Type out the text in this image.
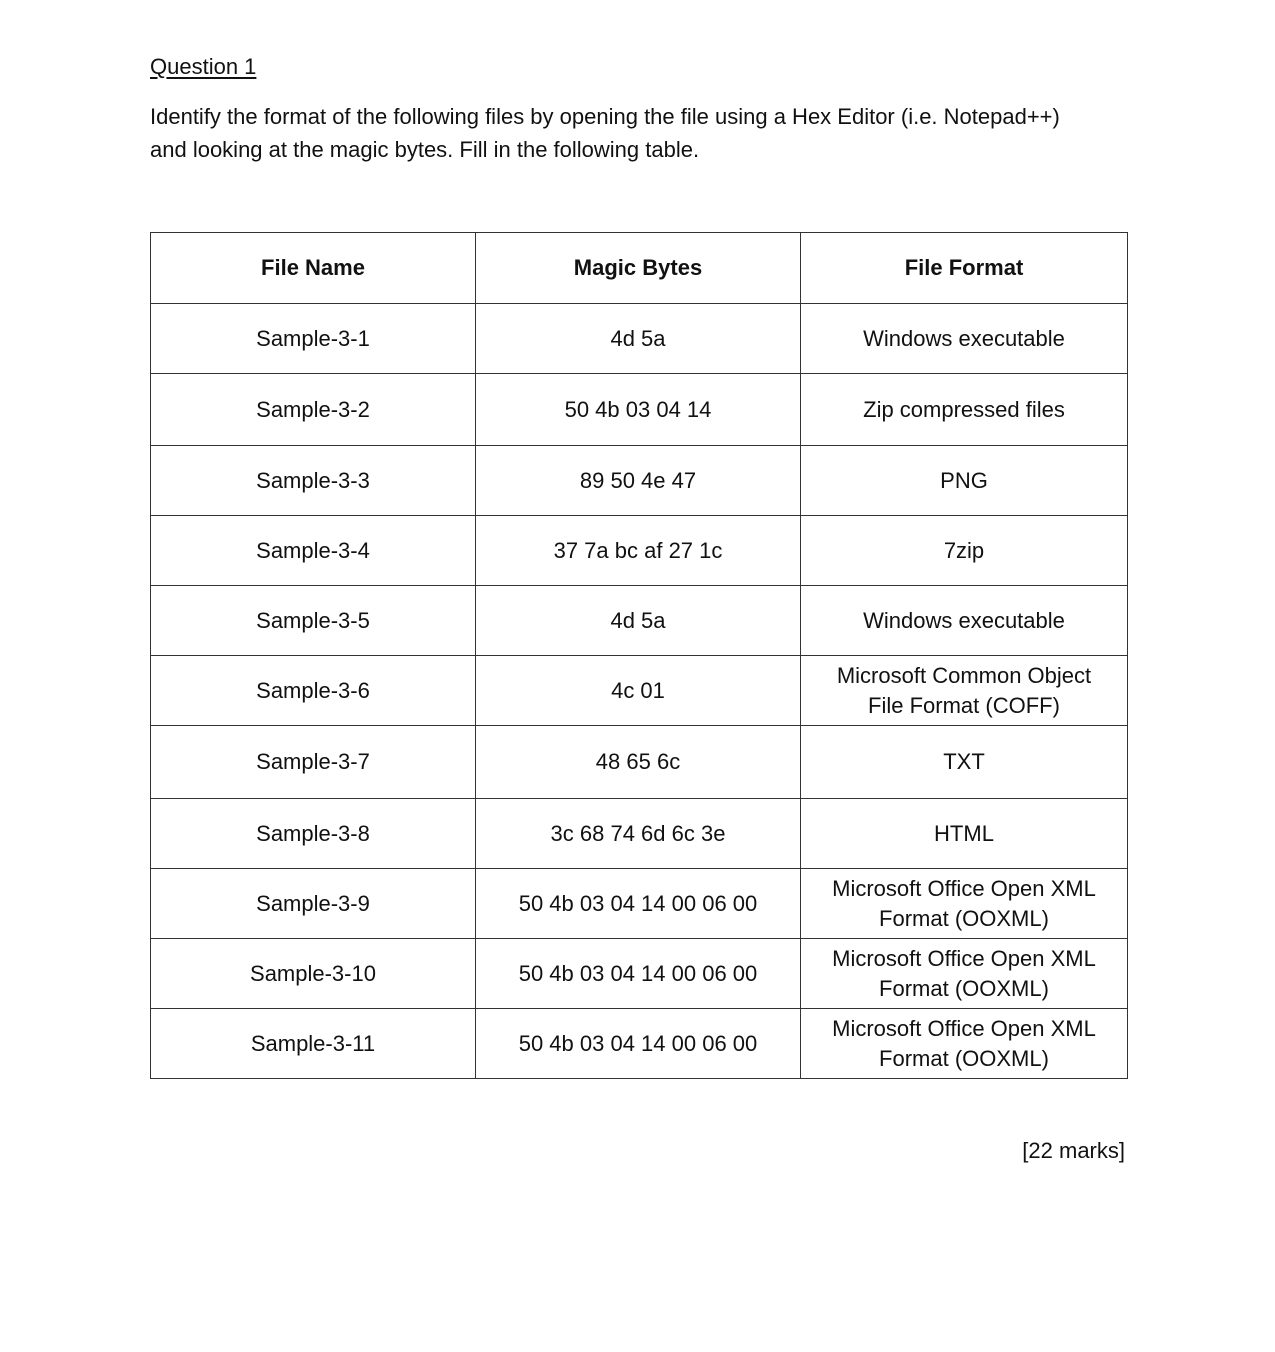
Question 1

Identify the format of the following files by opening the file using a Hex Editor (i.e. Notepad++)

and looking at the magic bytes. Fill in the following table.

File Name	Magic Bytes	File Format
Sample-3-1	4d 5a	Windows executable

Sample-3-2	50 4b 03 04 14	Zip compressed files

Sample-3-3	89 50 4e 47	PNG

Sample-3-4	37 7a bc af 27 1c	7zip

Sample-3-5	4d 5a	Windows executable

Sample-3-6	4c 01	Microsoft Common Object
File Format (COFF)

Sample-3-7	48 65 6c	TXT

Sample-3-8	3c 68 74 6d 6c 3e	HTML

Sample-3-9	50 4b 03 04 14 00 06 00	Microsoft Office Open XML
Format (OOXML)

Sample-3-10	50 4b 03 04 14 00 06 00	Microsoft Office Open XML
Format (OOXML)

Sample-3-11	50 4b 03 04 14 00 06 00	Microsoft Office Open XML
Format (OOXML)
[22 marks]
